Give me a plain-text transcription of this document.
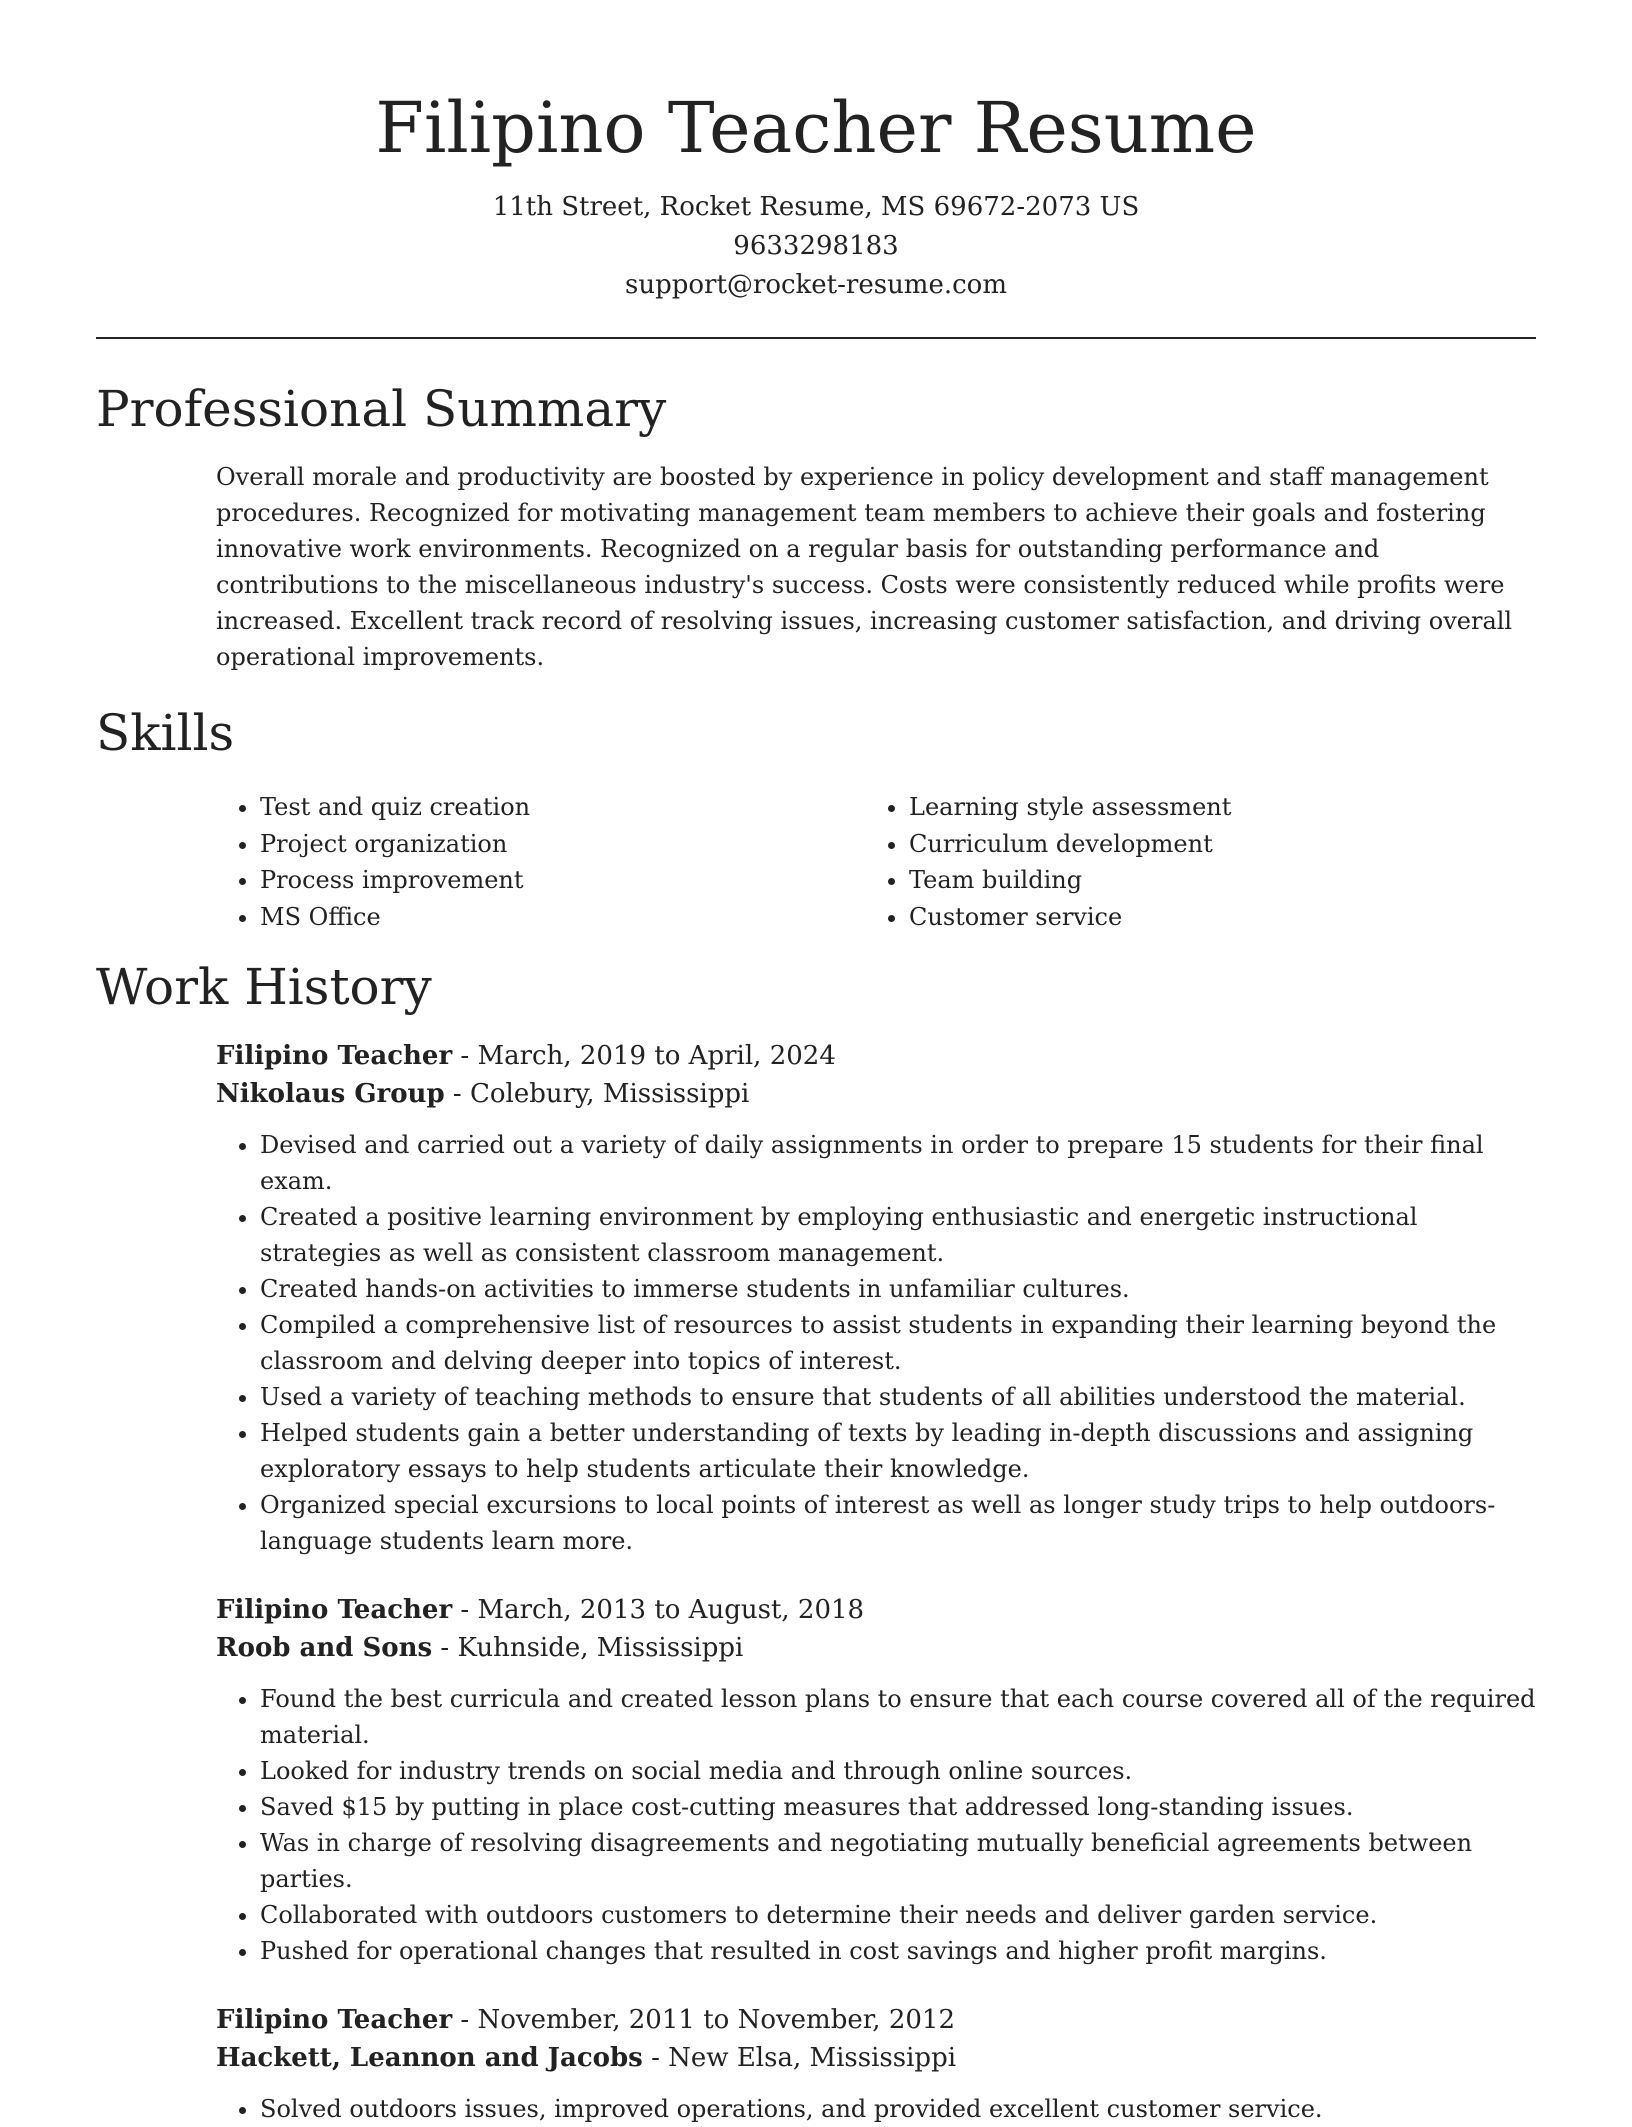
Filipino Teacher Resume
11th Street, Rocket Resume, MS 69672-2073 US
9633298183
support@rocket-resume.com
Professional Summary

Overall morale and productivity are boosted by experience in policy development and staff management procedures. Recognized for motivating management team members to achieve their goals and fostering innovative work environments. Recognized on a regular basis for outstanding performance and contributions to the miscellaneous industry's success. Costs were consistently reduced while profits were increased. Excellent track record of resolving issues, increasing customer satisfaction, and driving overall operational improvements.

Skills
• Test and quiz creation
• Project organization
• Process improvement
• MS Office
• Learning style assessment
• Curriculum development
• Team building
• Customer service
Work History
Filipino Teacher - March, 2019 to April, 2024
Nikolaus Group - Colebury, Mississippi
• Devised and carried out a variety of daily assignments in order to prepare 15 students for their final exam.
• Created a positive learning environment by employing enthusiastic and energetic instructional strategies as well as consistent classroom management.
• Created hands-on activities to immerse students in unfamiliar cultures.
• Compiled a comprehensive list of resources to assist students in expanding their learning beyond the classroom and delving deeper into topics of interest.
• Used a variety of teaching methods to ensure that students of all abilities understood the material.
• Helped students gain a better understanding of texts by leading in-depth discussions and assigning exploratory essays to help students articulate their knowledge.
• Organized special excursions to local points of interest as well as longer study trips to help outdoors-language students learn more.
Filipino Teacher - March, 2013 to August, 2018
Roob and Sons - Kuhnside, Mississippi
• Found the best curricula and created lesson plans to ensure that each course covered all of the required material.
• Looked for industry trends on social media and through online sources.
• Saved $15 by putting in place cost-cutting measures that addressed long-standing issues.
• Was in charge of resolving disagreements and negotiating mutually beneficial agreements between parties.
• Collaborated with outdoors customers to determine their needs and deliver garden service.
• Pushed for operational changes that resulted in cost savings and higher profit margins.
Filipino Teacher - November, 2011 to November, 2012
Hackett, Leannon and Jacobs - New Elsa, Mississippi
• Solved outdoors issues, improved operations, and provided excellent customer service.
